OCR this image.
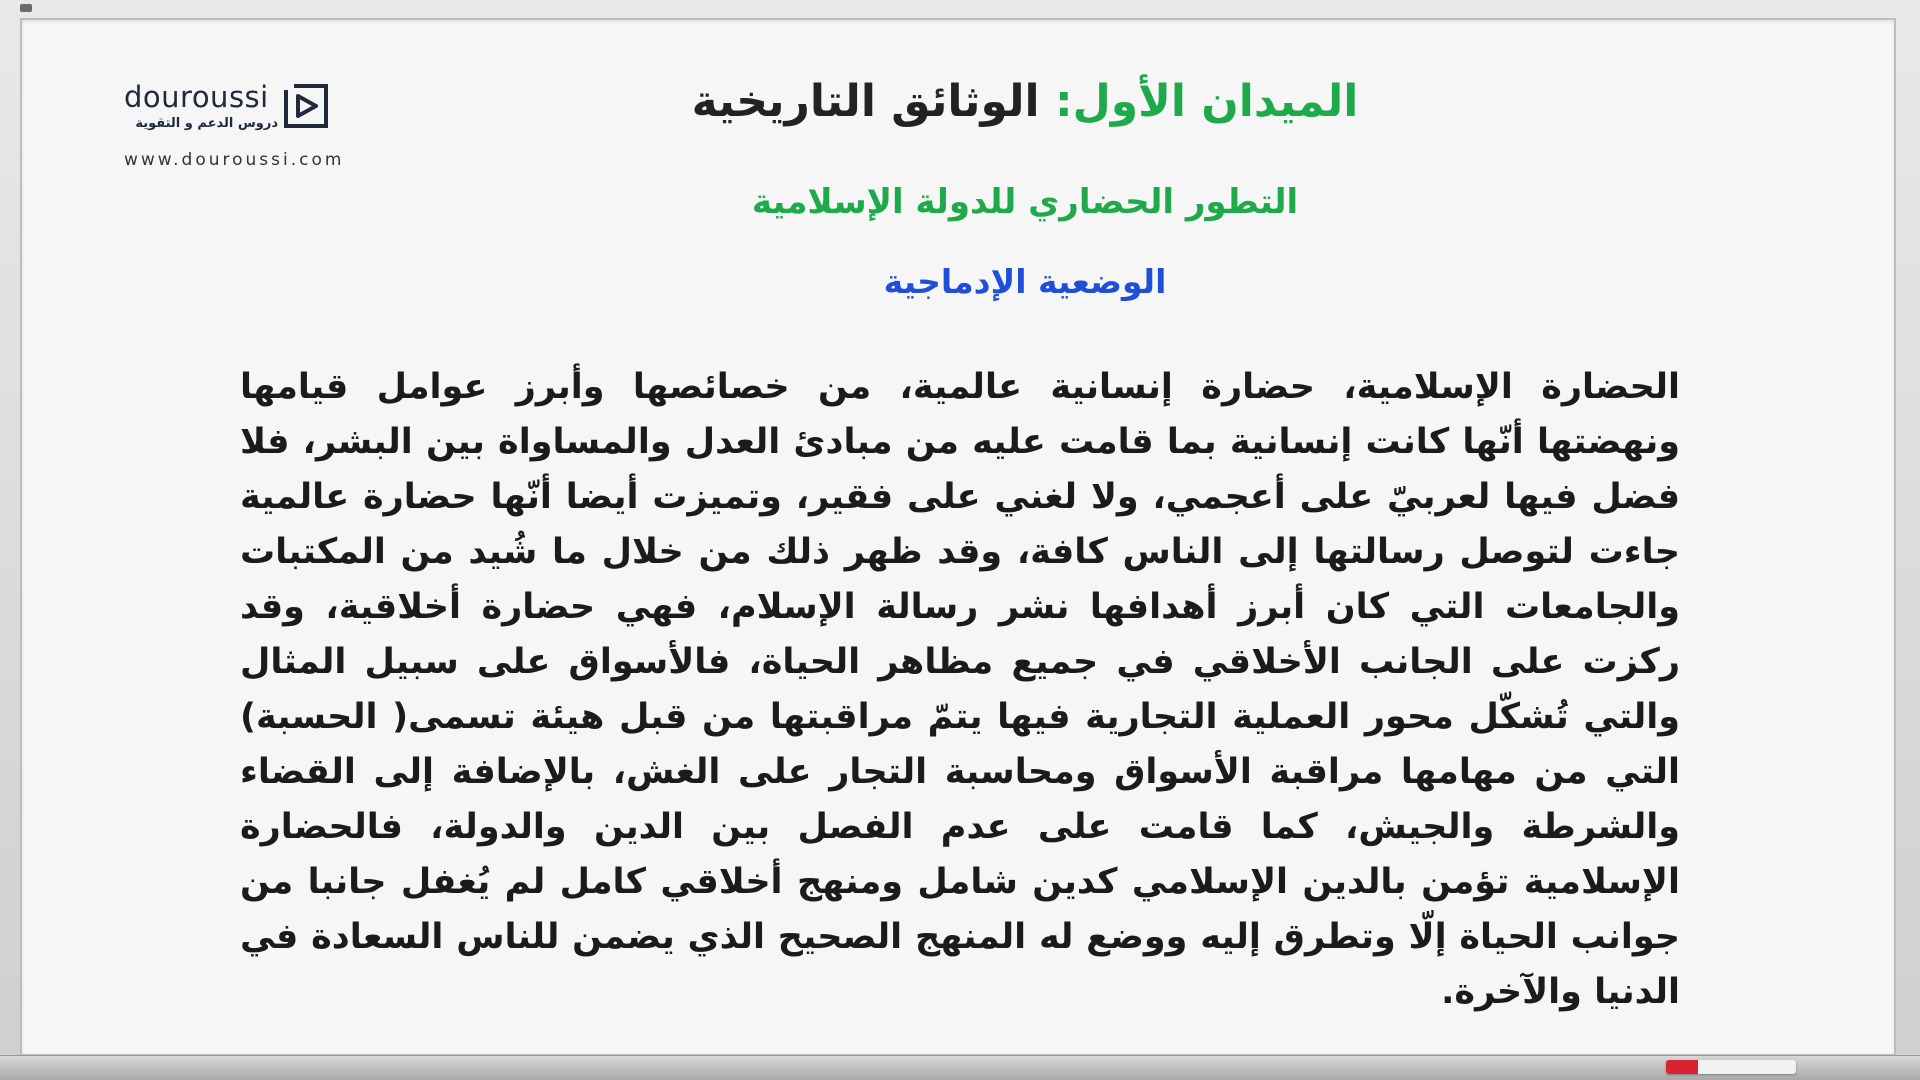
douroussi
دروس الدعم و التقوية
www.douroussi.com
الميدان الأول: الوثائق التاريخية
التطور الحضاري للدولة الإسلامية
الوضعية الإدماجية
الحضارة الإسلامية، حضارة إنسانية عالمية، من خصائصها وأبرز عوامل قيامها ونهضتها أنّها كانت إنسانية بما قامت عليه من مبادئ العدل والمساواة بين البشر، فلا فضل فيها لعربيّ على أعجمي، ولا لغني على فقير، وتميزت أيضا أنّها حضارة عالمية جاءت لتوصل رسالتها إلى الناس كافة، وقد ظهر ذلك من خلال ما شُيد من المكتبات والجامعات التي كان أبرز أهدافها نشر رسالة الإسلام، فهي حضارة أخلاقية، وقد ركزت على الجانب الأخلاقي في جميع مظاهر الحياة، فالأسواق على سبيل المثال والتي تُشكّل محور العملية التجارية فيها يتمّ مراقبتها من قبل هيئة تسمى( الحسبة) التي من مهامها مراقبة الأسواق ومحاسبة التجار على الغش، بالإضافة إلى القضاء والشرطة والجيش، كما قامت على عدم الفصل بين الدين والدولة، فالحضارة الإسلامية تؤمن بالدين الإسلامي كدين شامل ومنهج أخلاقي كامل لم يُغفل جانبا من جوانب الحياة إلّا وتطرق إليه ووضع له المنهج الصحيح الذي يضمن للناس السعادة في الدنيا والآخرة.
